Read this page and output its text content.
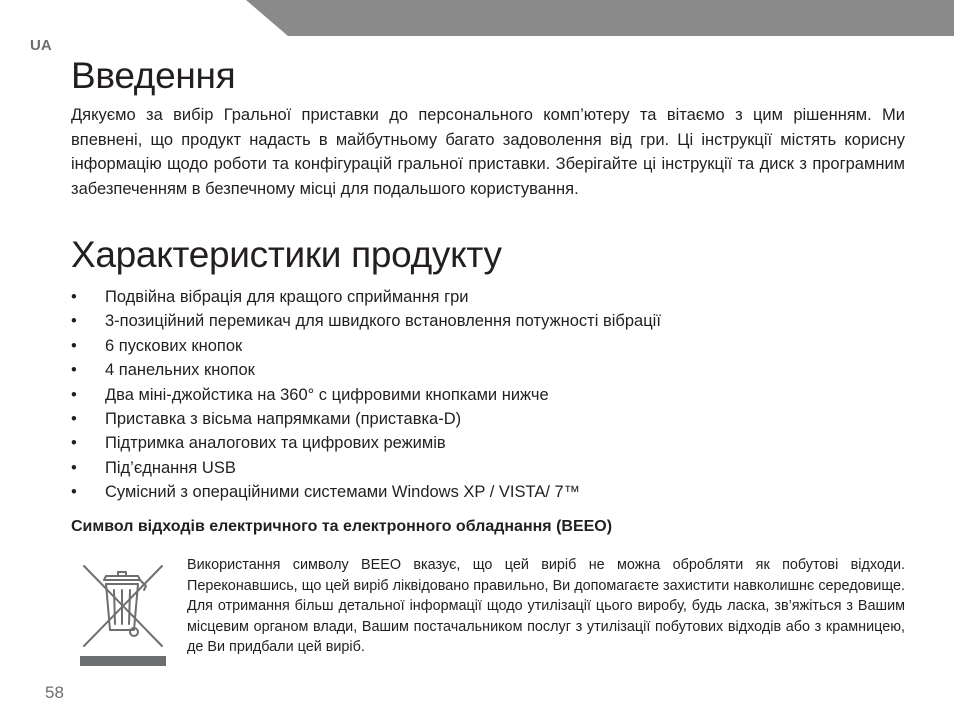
UA
Введення

Дякуємо за вибір Гральної приставки до персонального комп’ютеру та вітаємо з цим рішенням. Ми впевнені, що продукт надасть в майбутньому багато задоволення від гри. Ці інструкції містять корисну інформацію щодо роботи та конфігурацій гральної приставки. Зберігайте ці інструкції та диск з програмним забезпеченням в безпечному місці для подальшого користування.

Характеристики продукту
• Подвійна вібрація для кращого сприймання гри
• 3-позиційний перемикач для швидкого встановлення потужності вібрації
• 6 пускових кнопок
• 4 панельних кнопок
• Два міні-джойстика на 360° с цифровими кнопками нижче
• Приставка з вісьма напрямками (приставка-D)
• Підтримка аналогових та цифрових режимів
• Під’єднання USB
• Сумісний з операційними системами Windows XP / VISTA/ 7™
Символ відходів електричного та електронного обладнання (ВЕЕО)

Використання символу ВЕЕО вказує, що цей виріб не можна обробляти як побутові відходи. Переконавшись, що цей виріб ліквідовано правильно, Ви допомагаєте захистити навколишнє середовище. Для отримання більш детальної інформації щодо утилізації цього виробу, будь ласка, зв’яжіться з Вашим місцевим органом влади, Вашим постачальником послуг з утилізації побутових відходів або з крамницею, де Ви придбали цей виріб.

58
